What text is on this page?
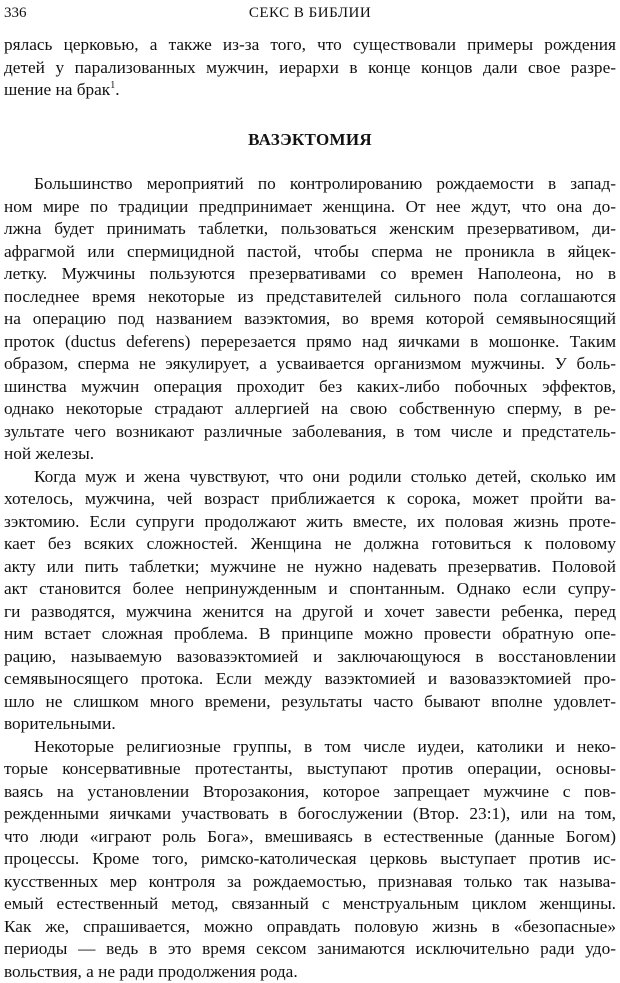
336	СЕКС В БИБЛИИ
рялась церковью, а также из-за того, что существовали примеры рождения
детей у парализованных мужчин, иерархи в конце концов дали свое разре-
шение на брак$^1$.
ВАЗЭКТОМИЯ
Большинство мероприятий по контролированию рождаемости в запад-
ном мире по традиции предпринимает женщина. От нее ждут, что она до-
лжна будет принимать таблетки, пользоваться женским презервативом, ди-
афрагмой или спермицидной пастой, чтобы сперма не проникла в яйцек-
летку. Мужчины пользуются презервативами со времен Наполеона, но в
последнее время некоторые из представителей сильного пола соглашаются
на операцию под названием вазэктомия, во время которой семявыносящий
проток (ductus deferens) перерезается прямо над яичками в мошонке. Таким
образом, сперма не эякулирует, а усваивается организмом мужчины. У боль-
шинства мужчин операция проходит без каких-либо побочных эффектов,
однако некоторые страдают аллергией на свою собственную сперму, в ре-
зультате чего возникают различные заболевания, в том числе и предстатель-
ной железы.
Когда муж и жена чувствуют, что они родили столько детей, сколько им
хотелось, мужчина, чей возраст приближается к сорока, может пройти ва-
зэктомию. Если супруги продолжают жить вместе, их половая жизнь проте-
кает без всяких сложностей. Женщина не должна готовиться к половому
акту или пить таблетки; мужчине не нужно надевать презерватив. Половой
акт становится более непринужденным и спонтанным. Однако если супру-
ги разводятся, мужчина женится на другой и хочет завести ребенка, перед
ним встает сложная проблема. В принципе можно провести обратную опе-
рацию, называемую вазовазэктомией и заключающуюся в восстановлении
семявыносящего протока. Если между вазэктомией и вазовазэктомией про-
шло не слишком много времени, результаты часто бывают вполне удовлет-
ворительными.
Некоторые религиозные группы, в том числе иудеи, католики и неко-
торые консервативные протестанты, выступают против операции, основы-
ваясь на установлении Второзакония, которое запрещает мужчине с пов-
режденными яичками участвовать в богослужении (Втор. 23:1), или на том,
что люди «играют роль Бога», вмешиваясь в естественные (данные Богом)
процессы. Кроме того, римско-католическая церковь выступает против ис-
кусственных мер контроля за рождаемостью, признавая только так называ-
емый естественный метод, связанный с менструальным циклом женщины.
Как же, спрашивается, можно оправдать половую жизнь в «безопасные»
периоды — ведь в это время сексом занимаются исключительно ради удо-
вольствия, а не ради продолжения рода.
